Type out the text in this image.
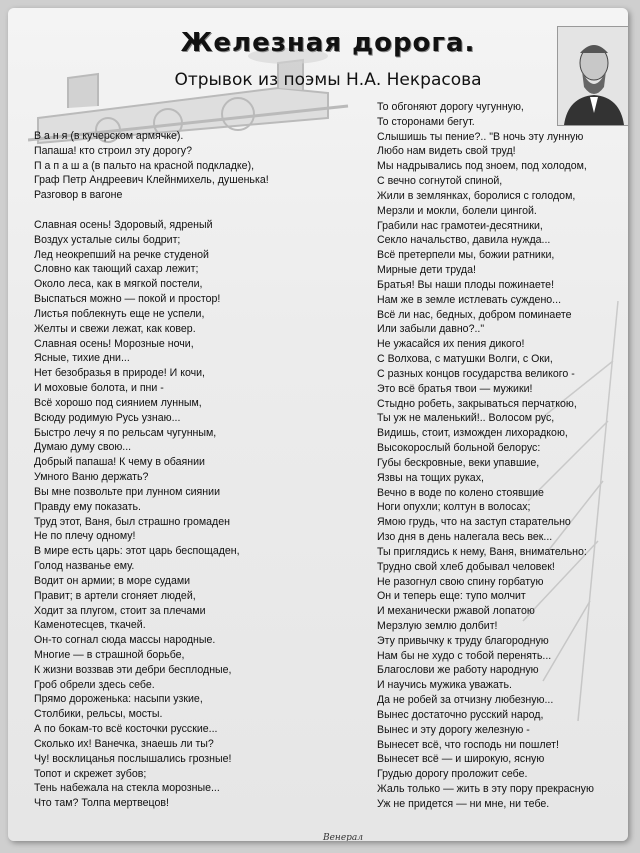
Железная дорога.
Отрывок из поэмы Н.А. Некрасова
В а н я (в кучерском армячке).
Папаша! кто строил эту дорогу?
П а п а ш а (в пальто на красной подкладке),
Граф Петр Андреевич Клейнмихель, душенька!
Разговор в вагоне
Славная осень! Здоровый, ядреный
Воздух усталые силы бодрит;
Лед неокрепший на речке студеной
Словно как тающий сахар лежит;
Около леса, как в мягкой постели,
Выспаться можно — покой и простор!
Листья поблекнуть еще не успели,
Желты и свежи лежат, как ковер.
Славная осень! Морозные ночи,
Ясные, тихие дни...
Нет безобразья в природе! И кочи,
И моховые болота, и пни -
Всё хорошо под сиянием лунным,
Всюду родимую Русь узнаю...
Быстро лечу я по рельсам чугунным,
Думаю думу свою...
Добрый папаша! К чему в обаянии
Умного Ваню держать?
Вы мне позвольте при лунном сиянии
Правду ему показать.
Труд этот, Ваня, был страшно громаден
Не по плечу одному!
В мире есть царь: этот царь беспощаден,
Голод названье ему.
Водит он армии; в море судами
Правит; в артели сгоняет людей,
Ходит за плугом, стоит за плечами
Каменотесцев, ткачей.
Он-то согнал сюда массы народные.
Многие — в страшной борьбе,
К жизни воззвав эти дебри бесплодные,
Гроб обрели здесь себе.
Прямо дороженька: насыпи узкие,
Столбики, рельсы, мосты.
А по бокам-то всё косточки русские...
Сколько их! Ванечка, знаешь ли ты?
Чу! восклицанья послышались грозные!
Топот и скрежет зубов;
Тень набежала на стекла морозные...
Что там? Толпа мертвецов!
То обгоняют дорогу чугунную,
То сторонами бегут.
Слышишь ты пение?.. "В ночь эту лунную
Любо нам видеть свой труд!
Мы надрывались под зноем, под холодом,
С вечно согнутой спиной,
Жили в землянках, боролися с голодом,
Мерзли и мокли, болели цингой.
Грабили нас грамотеи-десятники,
Секло начальство, давила нужда...
Всё претерпели мы, божии ратники,
Мирные дети труда!
Братья! Вы наши плоды пожинаете!
Нам же в земле истлевать суждено...
Всё ли нас, бедных, добром поминаете
Или забыли давно?.."
Не ужасайся их пения дикого!
С Волхова, с матушки Волги, с Оки,
С разных концов государства великого -
Это всё братья твои — мужики!
Стыдно робеть, закрываться перчаткою,
Ты уж не маленький!.. Волосом рус,
Видишь, стоит, изможден лихорадкою,
Высокорослый больной белорус:
Губы бескровные, веки упавшие,
Язвы на тощих руках,
Вечно в воде по колено стоявшие
Ноги опухли; колтун в волосах;
Ямою грудь, что на заступ старательно
Изо дня в день налегала весь век...
Ты приглядись к нему, Ваня, внимательно:
Трудно свой хлеб добывал человек!
Не разогнул свою спину горбатую
Он и теперь еще: тупо молчит
И механически ржавой лопатою
Мерзлую землю долбит!
Эту привычку к труду благородную
Нам бы не худо с тобой перенять...
Благослови же работу народную
И научись мужика уважать.
Да не робей за отчизну любезную...
Вынес достаточно русский народ,
Вынес и эту дорогу железную -
Вынесет всё, что господь ни пошлет!
Вынесет всё — и широкую, ясную
Грудью дорогу проложит себе.
Жаль только — жить в эту пору прекрасную
Уж не придется — ни мне, ни тебе.
Венерал
